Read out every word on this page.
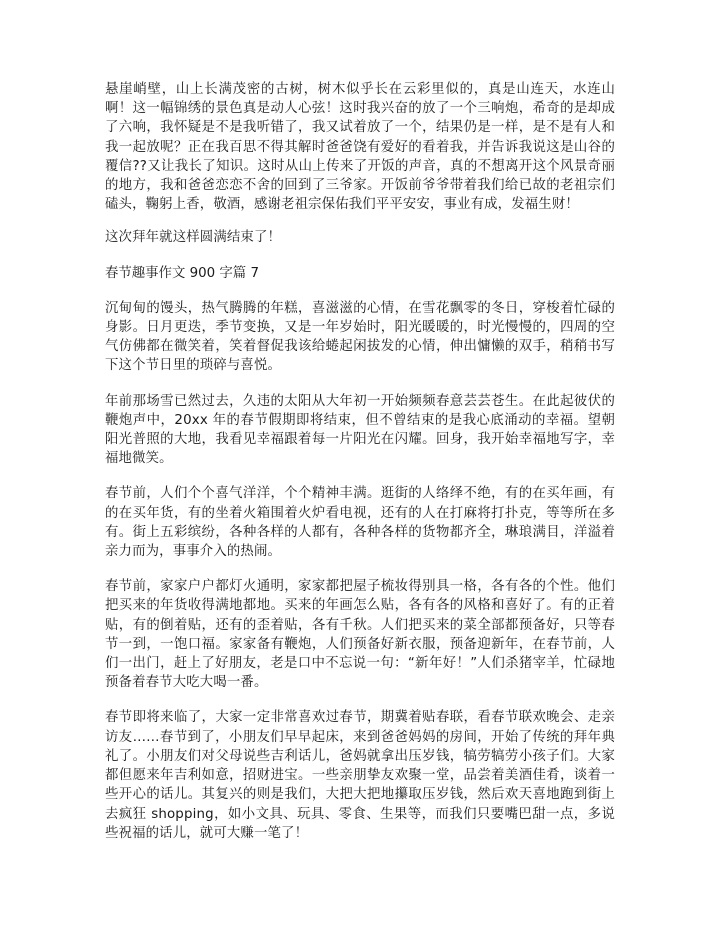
悬崖峭壁，山上长满茂密的古树，树木似乎长在云彩里似的，真是山连天，水连山啊！这一幅锦绣的景色真是动人心弦！这时我兴奋的放了一个三响炮，希奇的是却成了六响，我怀疑是不是我听错了，我又试着放了一个，结果仍是一样，是不是有人和我一起放呢？正在我百思不得其解时爸爸饶有爱好的看着我，并告诉我说这是山谷的覆信??又让我长了知识。这时从山上传来了开饭的声音，真的不想离开这个风景奇丽的地方，我和爸爸恋恋不舍的回到了三爷家。开饭前爷爷带着我们给已故的老祖宗们磕头，鞠躬上香，敬酒，感谢老祖宗保佑我们平平安安，事业有成，发福生财！

这次拜年就这样圆满结束了！

春节趣事作文 900 字篇 7

沉甸甸的馒头，热气腾腾的年糕，喜滋滋的心情，在雪花飘零的冬日，穿梭着忙碌的身影。日月更迭，季节变换，又是一年岁始时，阳光暖暖的，时光慢慢的，四周的空气仿佛都在微笑着，笑着督促我该给蜷起闲拔发的心情，伸出慵懒的双手，稍稍书写下这个节日里的琐碎与喜悦。

年前那场雪已然过去，久违的太阳从大年初一开始频频春意芸芸苍生。在此起彼伏的鞭炮声中，20xx 年的春节假期即将结束，但不曾结束的是我心底涌动的幸福。望朝阳光普照的大地，我看见幸福跟着每一片阳光在闪耀。回身，我开始幸福地写字，幸福地微笑。

春节前，人们个个喜气洋洋，个个精神丰满。逛街的人络绎不绝，有的在买年画，有的在买年货，有的坐着火箱围着火炉看电视，还有的人在打麻将打扑克，等等所在多有。街上五彩缤纷，各种各样的人都有，各种各样的货物都齐全，琳琅满目，洋溢着亲力而为，事事介入的热闹。

春节前，家家户户都灯火通明，家家都把屋子梳妆得别具一格，各有各的个性。他们把买来的年货收得满地都地。买来的年画怎么贴，各有各的风格和喜好了。有的正着贴，有的倒着贴，还有的歪着贴，各有千秋。人们把买来的菜全部都预备好，只等春节一到，一饱口福。家家备有鞭炮，人们预备好新衣服，预备迎新年，在春节前，人们一出门，赶上了好朋友，老是口中不忘说一句：“新年好！”人们杀猪宰羊，忙碌地预备着春节大吃大喝一番。

春节即将来临了，大家一定非常喜欢过春节，期冀着贴春联，看春节联欢晚会、走亲访友……春节到了，小朋友们早早起床，来到爸爸妈妈的房间，开始了传统的拜年典礼了。小朋友们对父母说些吉利话儿，爸妈就拿出压岁钱，犒劳犒劳小孩子们。大家都但愿来年吉利如意，招财进宝。一些亲朋挚友欢聚一堂，品尝着美酒佳肴，谈着一些开心的话儿。其复兴的则是我们，大把大把地攥取压岁钱，然后欢天喜地跑到街上去疯狂 shopping，如小文具、玩具、零食、生果等，而我们只要嘴巴甜一点，多说些祝福的话儿，就可大赚一笔了！
